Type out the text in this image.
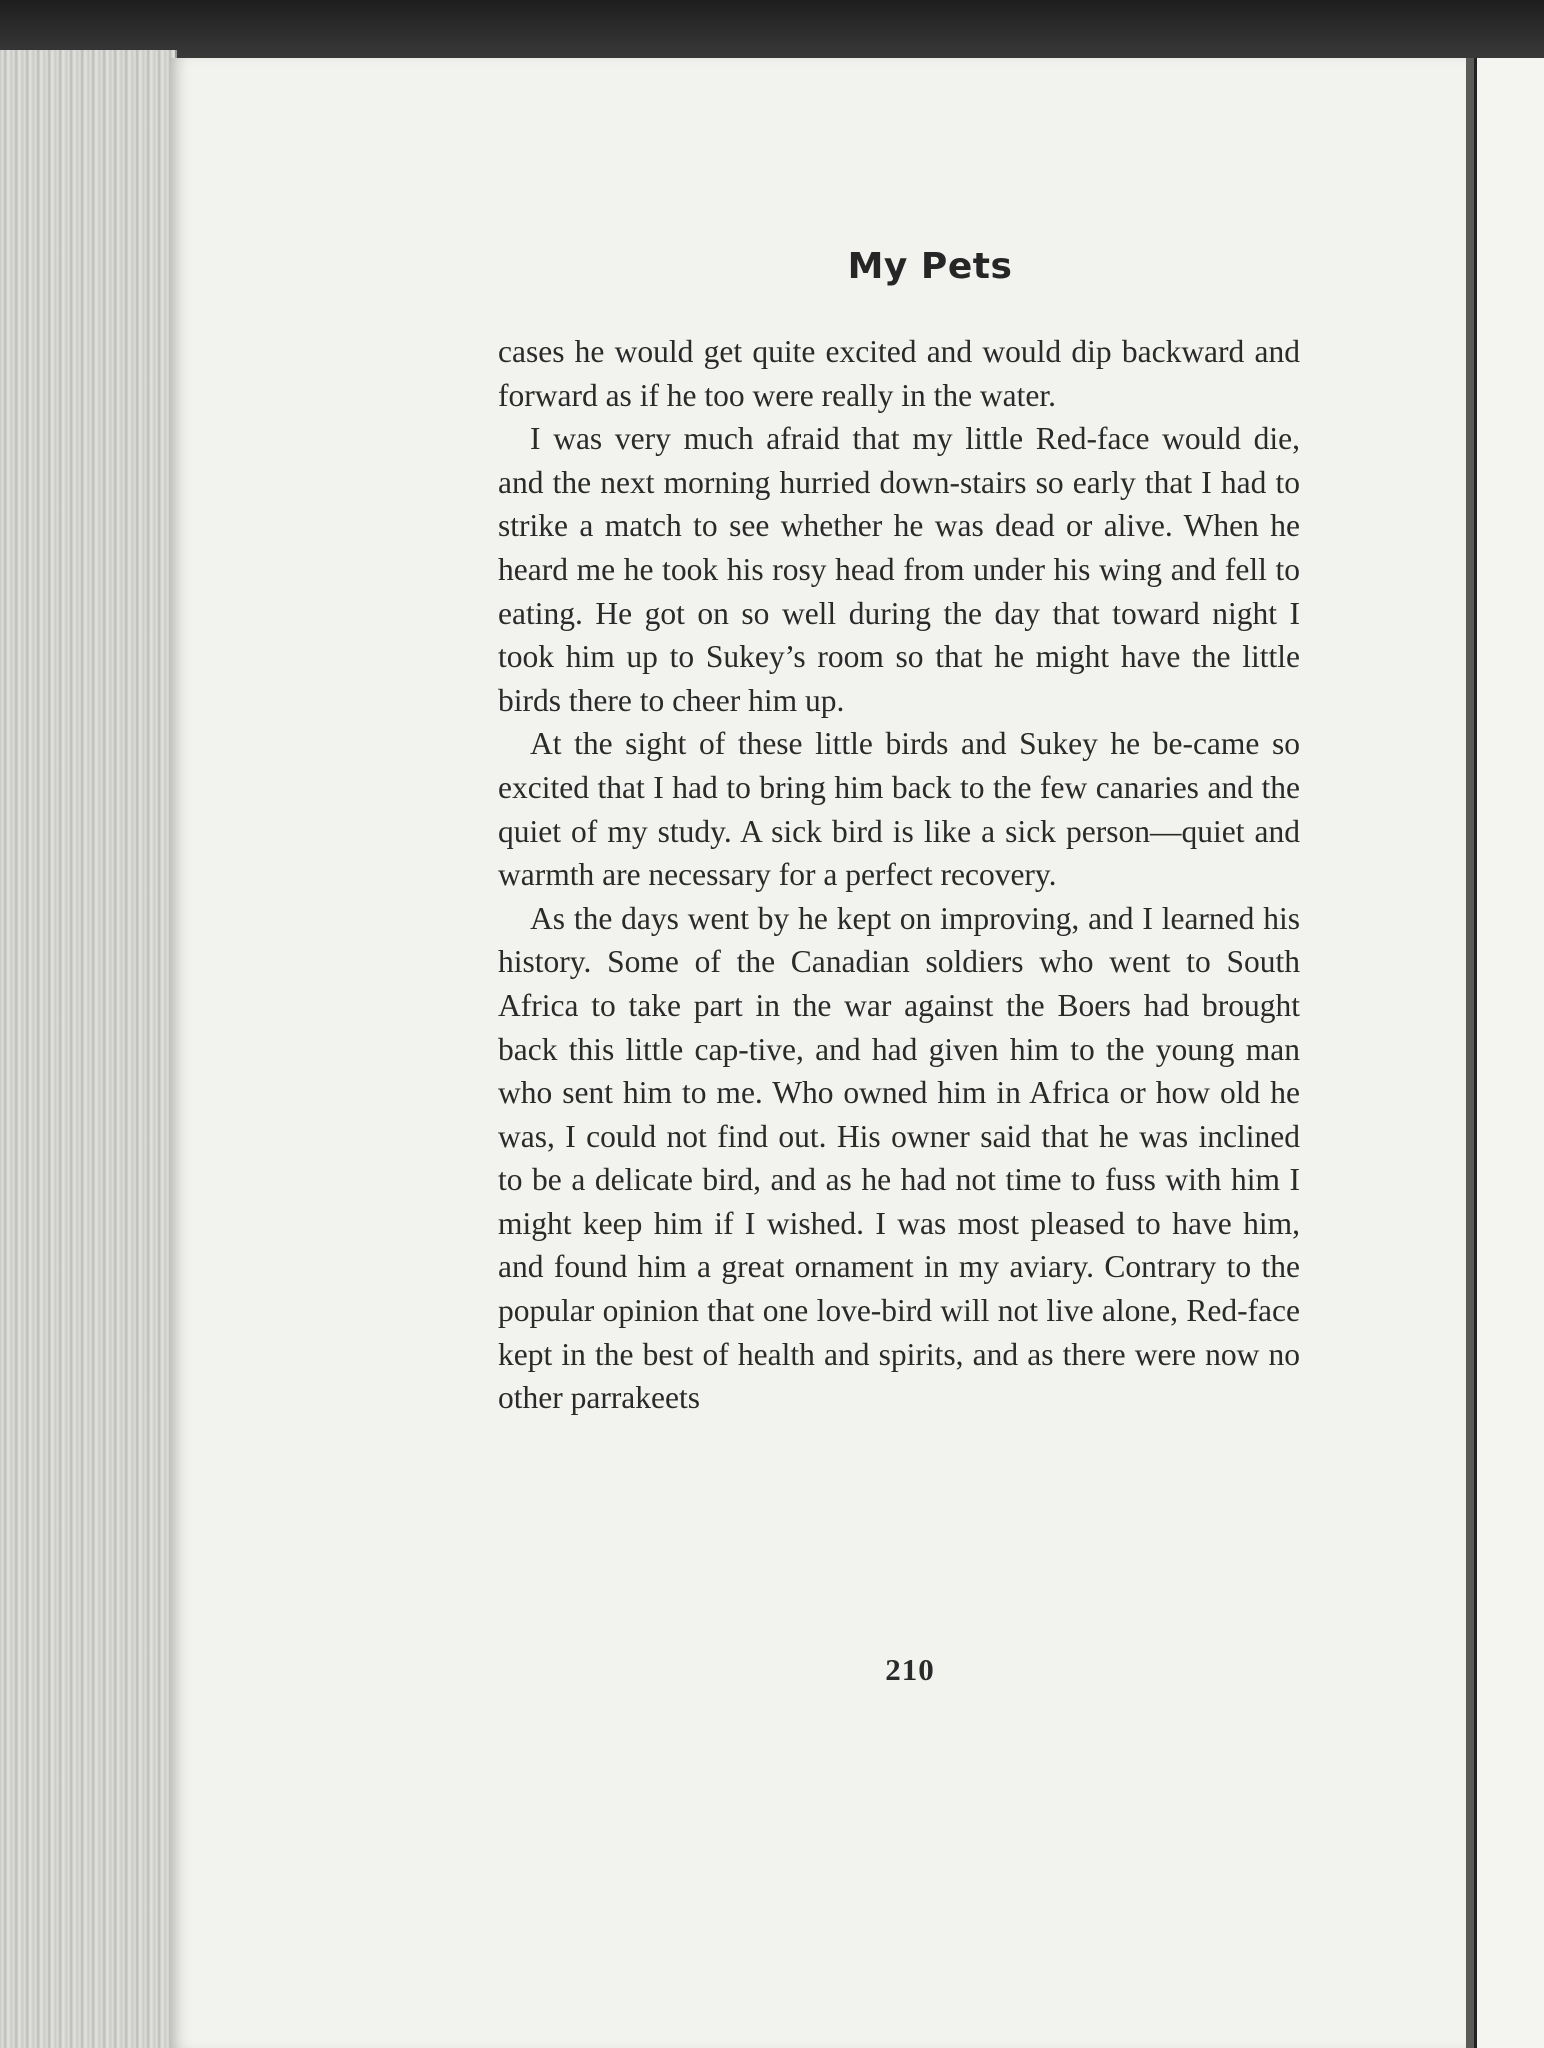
My Pets

cases he would get quite excited and would dip backward and forward as if he too were really in the water.

I was very much afraid that my little Red-face would die, and the next morning hurried down-stairs so early that I had to strike a match to see whether he was dead or alive. When he heard me he took his rosy head from under his wing and fell to eating. He got on so well during the day that toward night I took him up to Sukey’s room so that he might have the little birds there to cheer him up.

At the sight of these little birds and Sukey he be-came so excited that I had to bring him back to the few canaries and the quiet of my study. A sick bird is like a sick person—quiet and warmth are necessary for a perfect recovery.

As the days went by he kept on improving, and I learned his history. Some of the Canadian soldiers who went to South Africa to take part in the war against the Boers had brought back this little cap-tive, and had given him to the young man who sent him to me. Who owned him in Africa or how old he was, I could not find out. His owner said that he was inclined to be a delicate bird, and as he had not time to fuss with him I might keep him if I wished. I was most pleased to have him, and found him a great ornament in my aviary. Contrary to the popular opinion that one love-bird will not live alone, Red-face kept in the best of health and spirits, and as there were now no other parrakeets

210
